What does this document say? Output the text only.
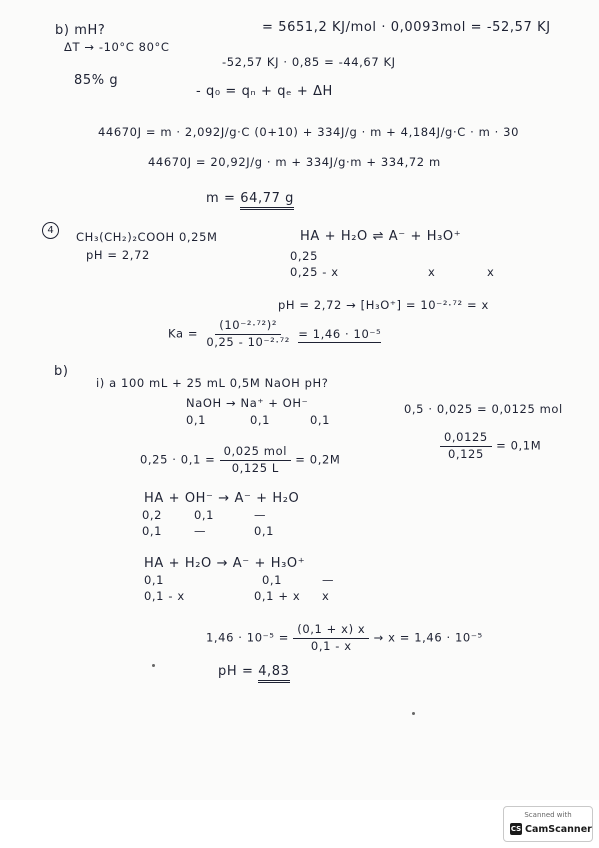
b) mH?	= 5651,2 KJ/mol · 0,0093mol = -52,57 KJ
ΔT → -10°C 80°C
-52,57 KJ · 0,85 = -44,67 KJ
85% g
- q₀ = qₙ + qₑ + ΔH
44670J = m · 2,092J/g·C (0+10) + 334J/g · m + 4,184J/g·C · m · 30
44670J = 20,92J/g · m + 334J/g·m + 334,72 m
m = 64,77 g
4	CH₃(CH₂)₂COOH 0,25M
pH = 2,72
HA + H₂O ⇌ A⁻ + H₃O⁺
0,25
0,25 - x	x	x
pH = 2,72 → [H₃O⁺] = 10⁻²·⁷² = x
$Ka = \frac{\text{(10⁻²·⁷²)²}}{\text{0,25 - 10⁻²·⁷²}} = 1,46 \cdot 10^{-5}$
b)
i) a 100 mL + 25 mL 0,5M NaOH pH?
NaOH → Na⁺ + OH⁻
0,1	0,1	0,1
0,5 · 0,025 = 0,0125 mol
$\frac{0,0125}{0,125} = 0,1M$
$0,25 \cdot 0,1 = \frac{\text{0,025 mol}}{0,125 L} = 0,2M$
HA + OH⁻ → A⁻ + H₂O
0,2	0,1	—
0,1	—	0,1
HA + H₂O → A⁻ + H₃O⁺
0,1	0,1	—
0,1 - x	0,1 + x x
$1,46 \cdot 10^{-5} = \frac{(0,1 + x) x}{0,1 - x} \to x = 1,46 \cdot 10^{-5}$
pH = 4,83
Scanned with
CS CamScanner
